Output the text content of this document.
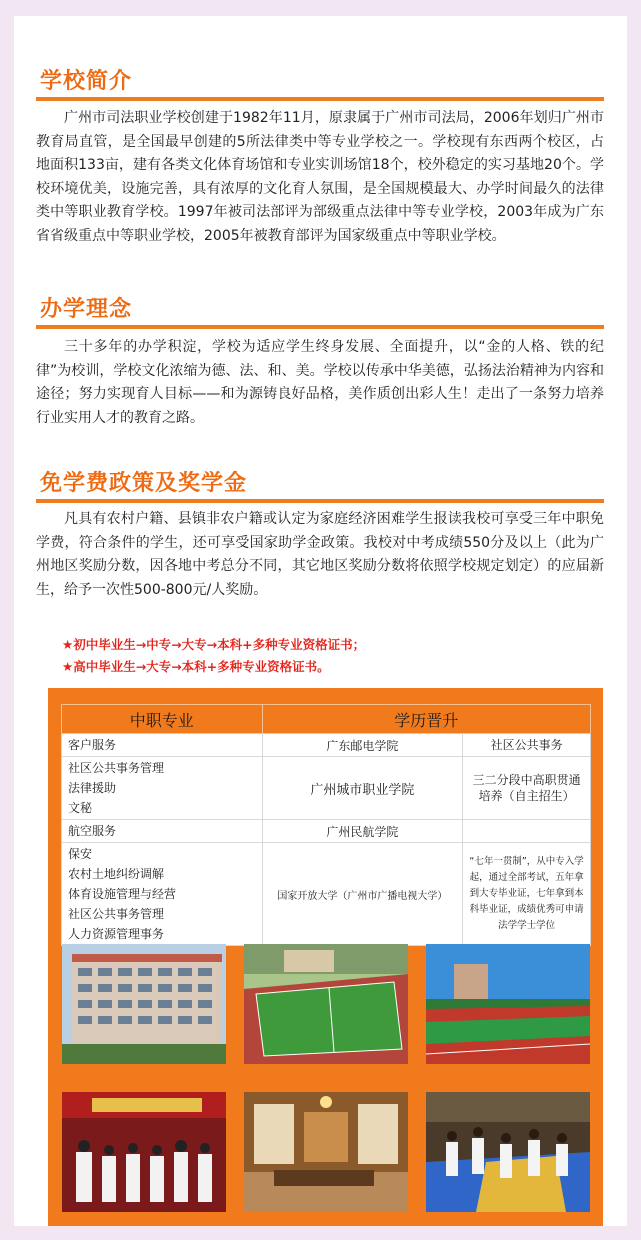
学校简介

广州市司法职业学校创建于1982年11月，原隶属于广州市司法局，2006年划归广州市教育局直管，是全国最早创建的5所法律类中等专业学校之一。学校现有东西两个校区，占地面积133亩，建有各类文化体育场馆和专业实训场馆18个，校外稳定的实习基地20个。学校环境优美，设施完善，具有浓厚的文化育人氛围，是全国规模最大、办学时间最久的法律类中等职业教育学校。1997年被司法部评为部级重点法律中等专业学校，2003年成为广东省省级重点中等职业学校，2005年被教育部评为国家级重点中等职业学校。

办学理念

三十多年的办学积淀，学校为适应学生终身发展、全面提升，以“金的人格、铁的纪律”为校训，学校文化浓缩为德、法、和、美。学校以传承中华美德，弘扬法治精神为内容和途径；努力实现育人目标——和为源铸良好品格，美作质创出彩人生！走出了一条努力培养行业实用人才的教育之路。

免学费政策及奖学金

凡具有农村户籍、县镇非农户籍或认定为家庭经济困难学生报读我校可享受三年中职免学费，符合条件的学生，还可享受国家助学金政策。我校对中考成绩550分及以上（此为广州地区奖励分数，因各地中考总分不同，其它地区奖励分数将依照学校规定划定）的应届新生，给予一次性500-800元/人奖励。

★初中毕业生→中专→大专→本科+多种专业资格证书；
★高中毕业生→大专→本科+多种专业资格证书。
中职专业	学历晋升	

客户服务	广东邮电学院	社区公共事务

社区公共事务管理
法律援助
文秘	广州城市职业学院	三二分段中高职贯通培养（自主招生）

航空服务	广州民航学院	

保安
农村土地纠纷调解
体育设施管理与经营
社区公共事务管理
人力资源管理事务	国家开放大学（广州市广播电视大学）	“七年一贯制”，从中专入学起，通过全部考试，五年拿到大专毕业证，七年拿到本科毕业证，成绩优秀可申请法学学士学位
